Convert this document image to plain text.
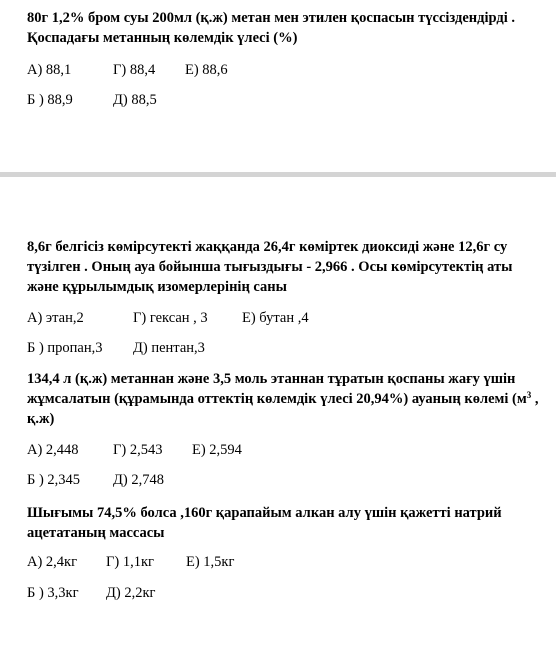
80г 1,2% бром суы 200мл (қ.ж) метан мен этилен қоспасын түссіздендірді . Қоспадағы метанның көлемдік үлесі (%)
А) 88,1	Г) 88,4 Е) 88,6
Б ) 88,9	Д) 88,5
8,6г белгісіз көмірсутекті жаққанда 26,4г көміртек диоксиді және 12,6г су түзілген . Оның ауа бойынша тығыздығы - 2,966 . Осы көмірсутектің аты және құрылымдық изомерлерінің саны
А) этан,2	Г) гексан , 3 Е) бутан ,4
Б ) пропан,3 Д) пентан,3
134,4 л (қ.ж) метаннан және 3,5 моль этаннан тұратын қоспаны жағу үшін жұмсалатын (құрамында оттектің көлемдік үлесі 20,94%) ауаның көлемі ($м^3$ , қ.ж)
А) 2,448 Г) 2,543 Е) 2,594
Б ) 2,345 Д) 2,748
Шығымы 74,5% болса ,160г қарапайым алкан алу үшін қажетті натрий ацетатаның массасы
А) 2,4кг Г) 1,1кг Е) 1,5кг
Б ) 3,3кг Д) 2,2кг
